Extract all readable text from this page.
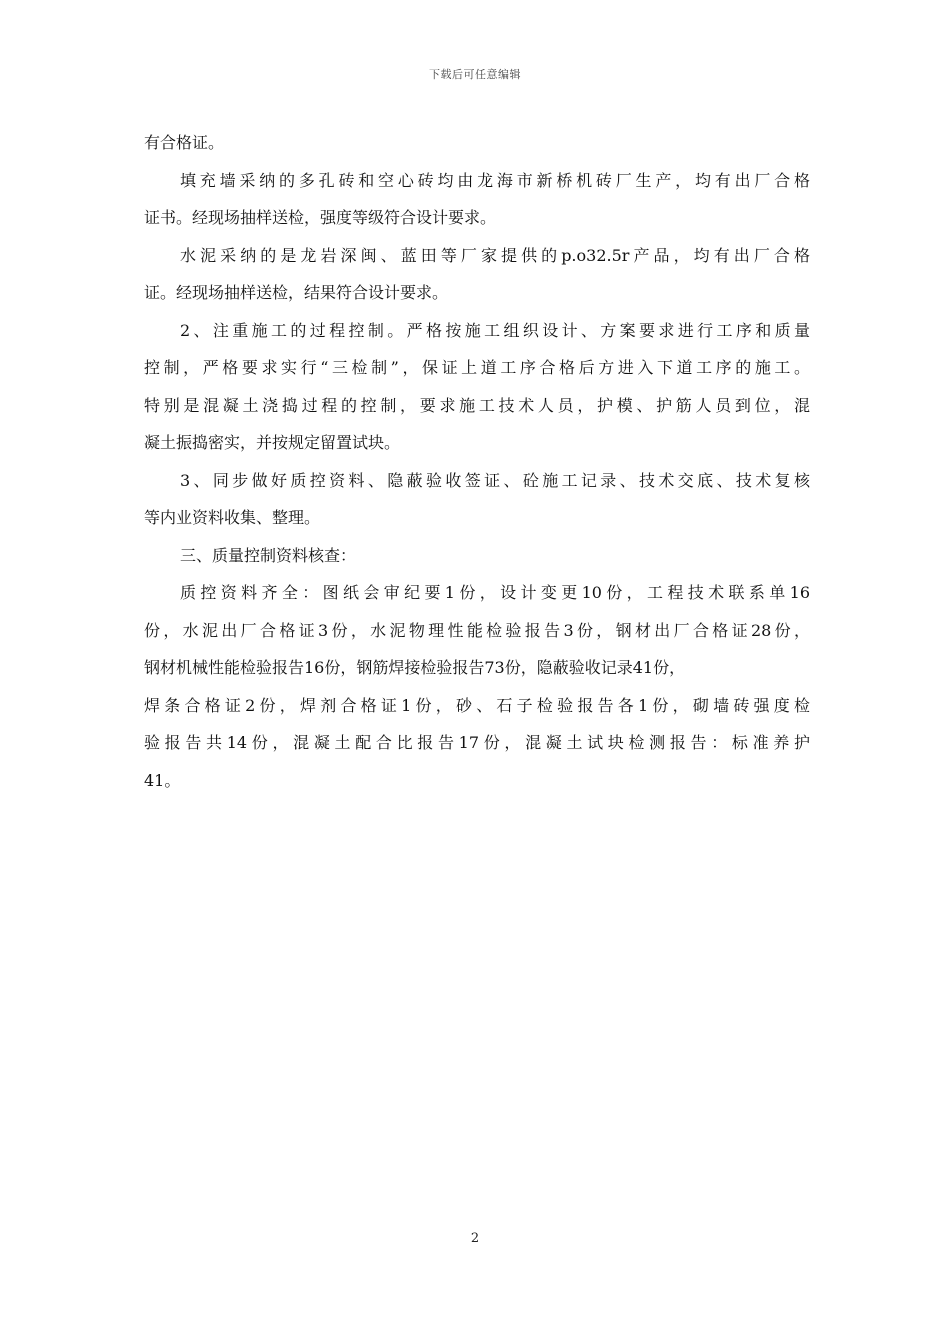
下载后可任意编辑
有合格证。
填充墙采纳的多孔砖和空心砖均由龙海市新桥机砖厂生产，均有出厂合格
证书。经现场抽样送检，强度等级符合设计要求。
水泥采纳的是龙岩深闽、蓝田等厂家提供的p.o32.5r产品，均有出厂合格
证。经现场抽样送检，结果符合设计要求。
2、注重施工的过程控制。严格按施工组织设计、方案要求进行工序和质量
控制，严格要求实行“三检制”，保证上道工序合格后方进入下道工序的施工。
特别是混凝土浇捣过程的控制，要求施工技术人员，护模、护筋人员到位，混
凝土振捣密实，并按规定留置试块。
3、同步做好质控资料、隐蔽验收签证、砼施工记录、技术交底、技术复核
等内业资料收集、整理。
三、质量控制资料核查：
质控资料齐全：图纸会审纪要1份，设计变更10份，工程技术联系单16
份，水泥出厂合格证3份，水泥物理性能检验报告3份，钢材出厂合格证28份，
钢材机械性能检验报告16份，钢筋焊接检验报告73份，隐蔽验收记录41份，
焊条合格证2份，焊剂合格证1份，砂、石子检验报告各1份，砌墙砖强度检
验报告共14份，混凝土配合比报告17份，混凝土试块检测报告：标准养护
41。
2
